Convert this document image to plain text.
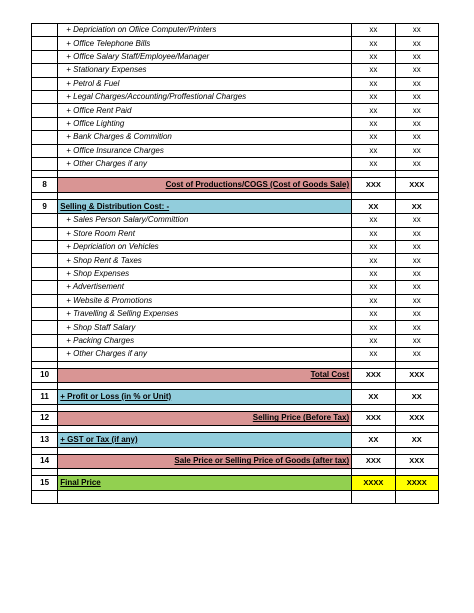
	+ Depriciation on Ofiice Computer/Printers	xx	xx
	+ Office Telephone Bills	xx	xx
	+ Office Salary Staff/Employee/Manager	xx	xx
	+ Stationary Expenses	xx	xx
	+ Petrol & Fuel	xx	xx
	+ Legal Charges/Accounting/Proffestional Charges	xx	xx
	+ Office Rent Paid	xx	xx
	+ Office Lighting	xx	xx
	+ Bank Charges & Commition	xx	xx
	+ Office Insurance Charges	xx	xx
	+ Other Charges if any	xx	xx

8	Cost of Productions/COGS (Cost of Goods Sale)	XXX	XXX

9	Selling & Distribution Cost: -	XX	XX
	+ Sales Person Salary/Committion	xx	xx
	+ Store Room Rent	xx	xx
	+ Depriciation on Vehicles	xx	xx
	+ Shop Rent & Taxes	xx	xx
	+ Shop Expenses	xx	xx
	+ Advertisement	xx	xx
	+ Website & Promotions	xx	xx
	+ Travelling & Selling Expenses	xx	xx
	+ Shop Staff Salary	xx	xx
	+ Packing Charges	xx	xx
	+ Other Charges if any	xx	xx

10	Total Cost	XXX	XXX

11	+ Profit or Loss (in % or Unit)	XX	XX

12	Selling Price (Before Tax)	XXX	XXX

13	+ GST or Tax (if any)	XX	XX

14	Sale Price or Selling Price of Goods (after tax)	XXX	XXX

15	Final Price	XXXX	XXXX
